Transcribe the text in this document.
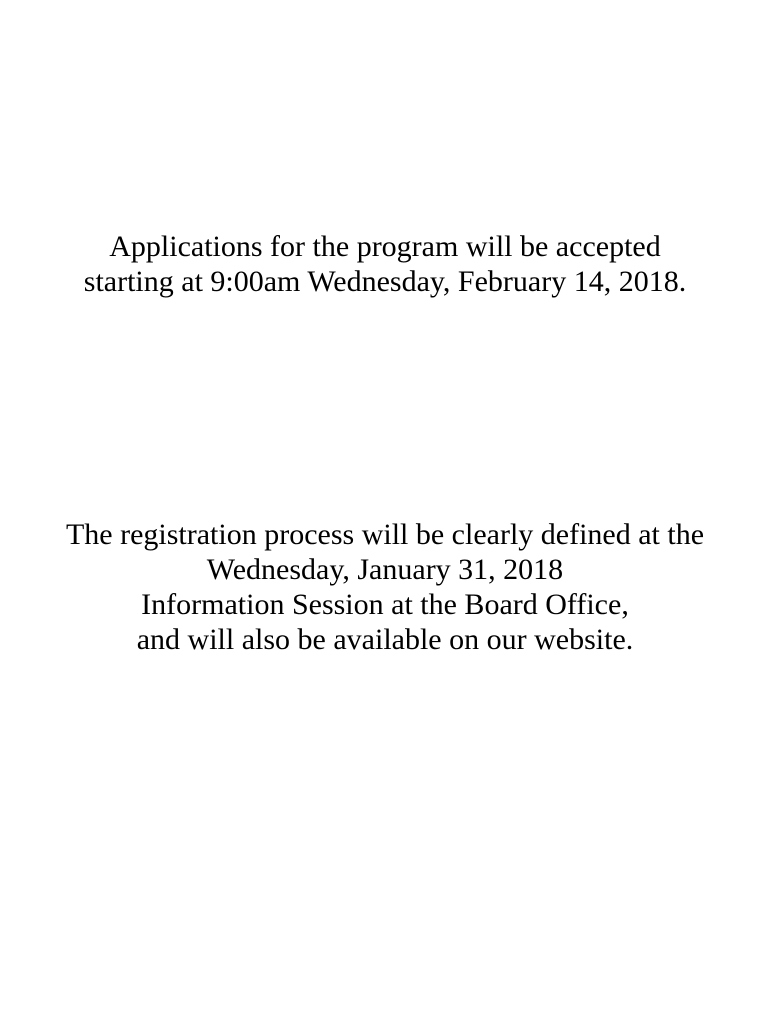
Applications for the program will be accepted
starting at 9:00am Wednesday, February 14, 2018.
The registration process will be clearly defined at the
Wednesday, January 31, 2018
Information Session at the Board Office,
and will also be available on our website.
